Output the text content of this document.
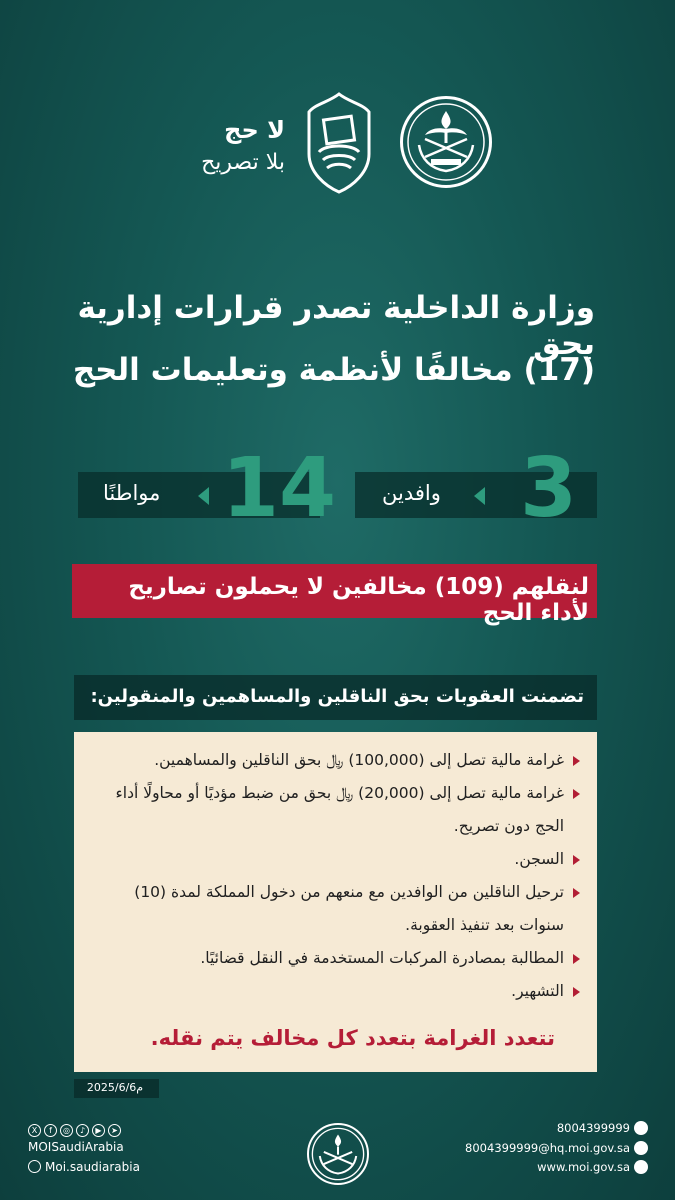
لا حج
بلا تصريح
وزارة الداخلية تصدر قرارات إدارية بحق
(17) مخالفًا لأنظمة وتعليمات الحج
3
وافدين
14
مواطنًا
لنقلهم (109) مخالفين لا يحملون تصاريح لأداء الحج
تضمنت العقوبات بحق الناقلين والمساهمين والمنقولين:
غرامة مالية تصل إلى (100,000) ﷼ بحق الناقلين والمساهمين.
غرامة مالية تصل إلى (20,000) ﷼ بحق من ضبط مؤديًا أو محاولًا أداء الحج دون تصريح.
السجن.
ترحيل الناقلين من الوافدين مع منعهم من دخول المملكة لمدة (10) سنوات بعد تنفيذ العقوبة.
المطالبة بمصادرة المركبات المستخدمة في النقل قضائيًا.
التشهير.
تتعدد الغرامة بتعدد كل مخالف يتم نقله.
2025/6/6م
X f ◎ ♪ ▶ ➤
MOISaudiArabia
Moi.saudiarabia
8004399999
8004399999@hq.moi.gov.sa
www.moi.gov.sa
